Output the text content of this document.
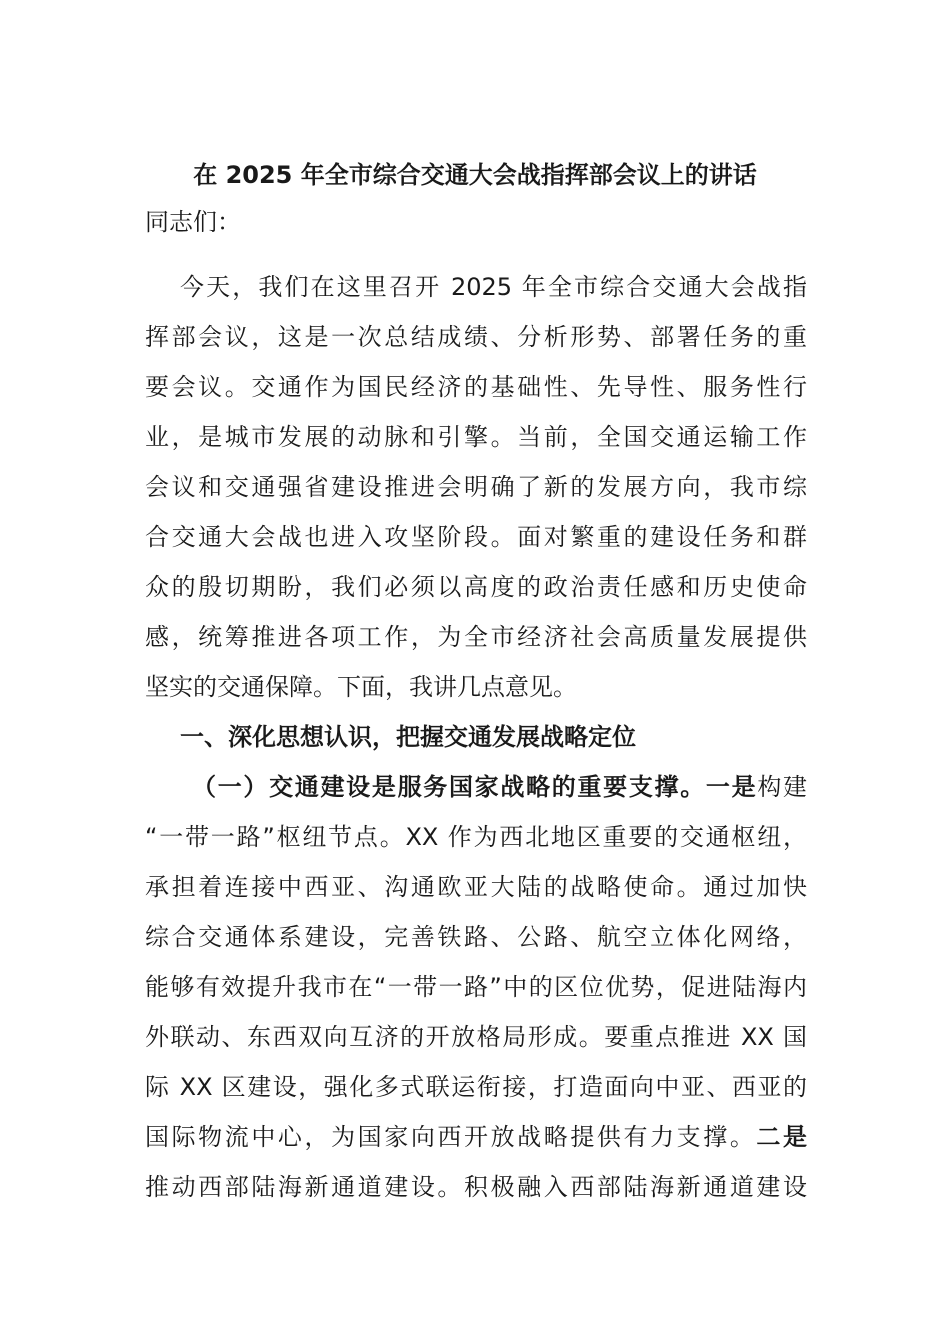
在 2025 年全市综合交通大会战指挥部会议上的讲话
同志们：
今天，我们在这里召开 2025 年全市综合交通大会战指
挥部会议，这是一次总结成绩、分析形势、部署任务的重
要会议。交通作为国民经济的基础性、先导性、服务性行
业，是城市发展的动脉和引擎。当前，全国交通运输工作
会议和交通强省建设推进会明确了新的发展方向，我市综
合交通大会战也进入攻坚阶段。面对繁重的建设任务和群
众的殷切期盼，我们必须以高度的政治责任感和历史使命
感，统筹推进各项工作，为全市经济社会高质量发展提供
坚实的交通保障。下面，我讲几点意见。
一、深化思想认识，把握交通发展战略定位
（一）交通建设是服务国家战略的重要支撑。一是构建
“一带一路”枢纽节点。XX 作为西北地区重要的交通枢纽，
承担着连接中西亚、沟通欧亚大陆的战略使命。通过加快
综合交通体系建设，完善铁路、公路、航空立体化网络，
能够有效提升我市在“一带一路”中的区位优势，促进陆海内
外联动、东西双向互济的开放格局形成。要重点推进 XX 国
际 XX 区建设，强化多式联运衔接，打造面向中亚、西亚的
国际物流中心，为国家向西开放战略提供有力支撑。二是
推动西部陆海新通道建设。积极融入西部陆海新通道建设
